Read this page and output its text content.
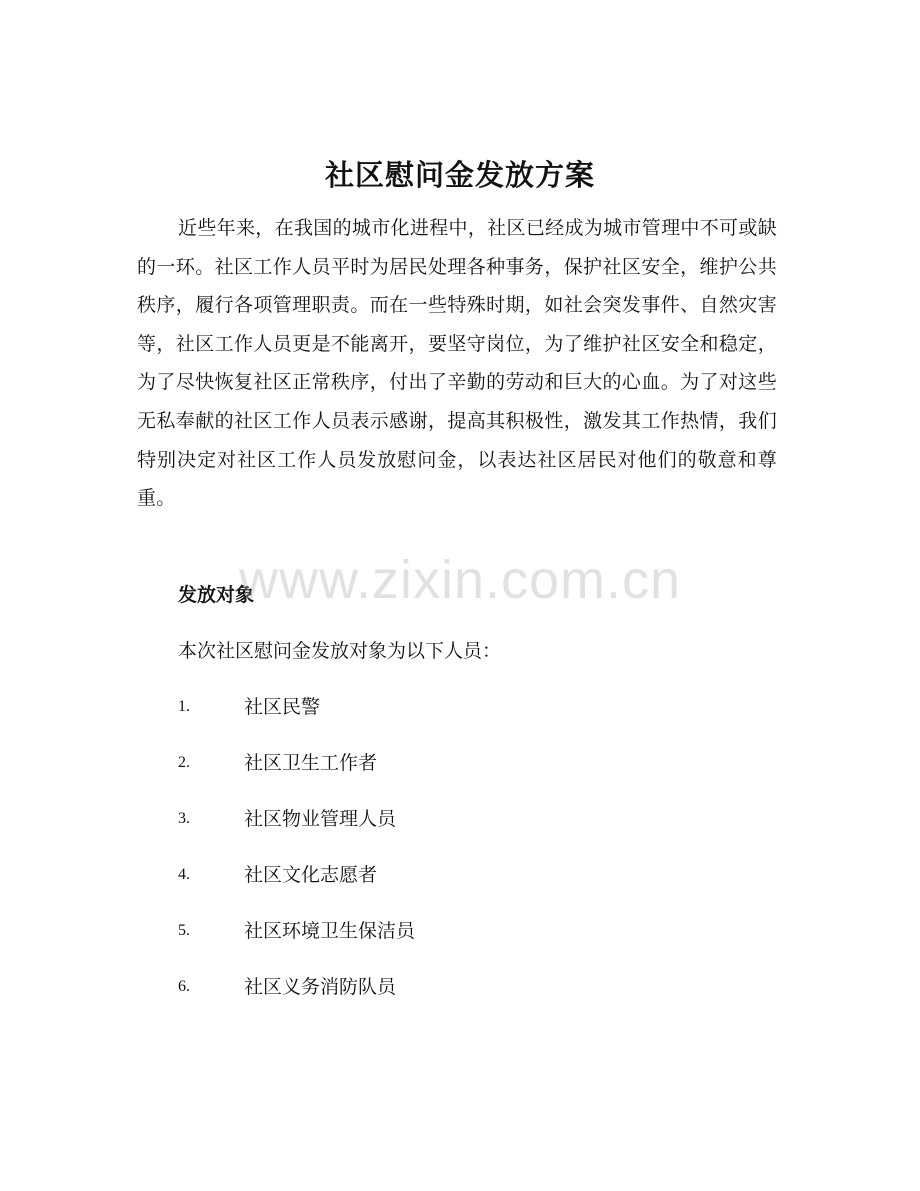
社区慰问金发放方案

近些年来，在我国的城市化进程中，社区已经成为城市管理中不可或缺的一环。社区工作人员平时为居民处理各种事务，保护社区安全，维护公共秩序，履行各项管理职责。而在一些特殊时期，如社会突发事件、自然灾害等，社区工作人员更是不能离开，要坚守岗位，为了维护社区安全和稳定，为了尽快恢复社区正常秩序，付出了辛勤的劳动和巨大的心血。为了对这些无私奉献的社区工作人员表示感谢，提高其积极性，激发其工作热情，我们特别决定对社区工作人员发放慰问金，以表达社区居民对他们的敬意和尊重。

发放对象
本次社区慰问金发放对象为以下人员：
1.	社区民警
2.	社区卫生工作者
3.	社区物业管理人员
4.	社区文化志愿者
5.	社区环境卫生保洁员
6.	社区义务消防队员
www.zixin.com.cn
